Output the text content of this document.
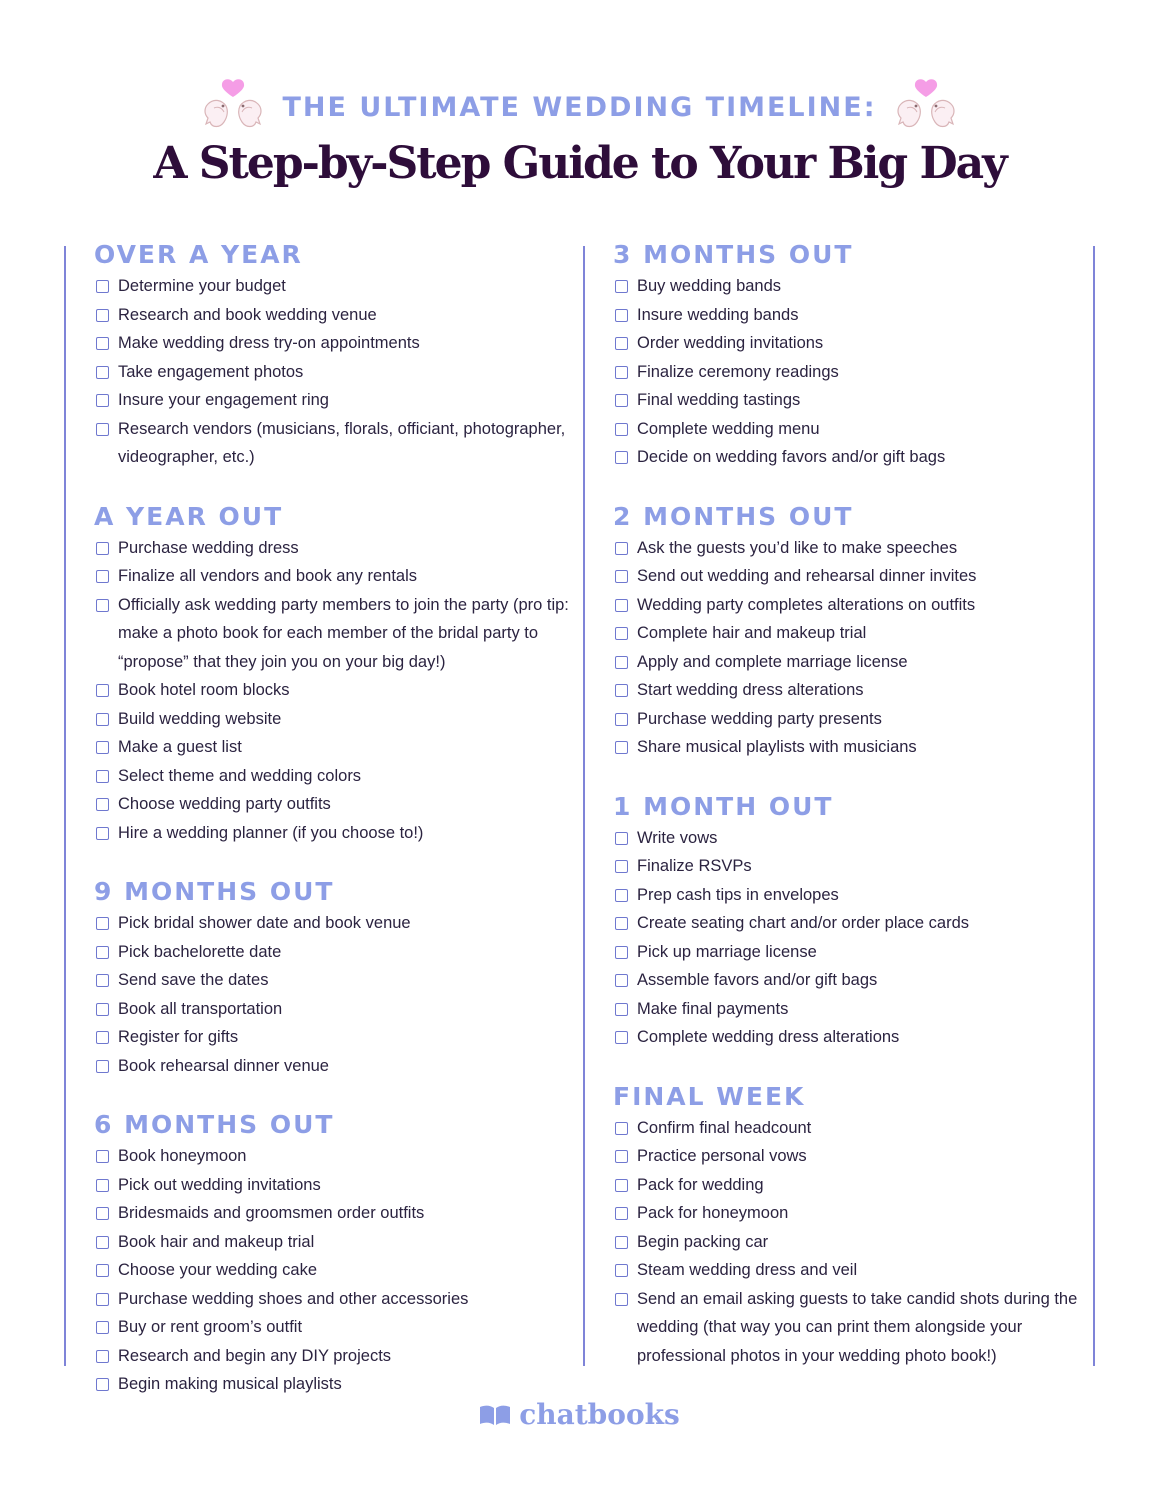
THE ULTIMATE WEDDING TIMELINE:
A Step-by-Step Guide to Your Big Day
OVER A YEAR
Determine your budget
Research and book wedding venue
Make wedding dress try-on appointments
Take engagement photos
Insure your engagement ring
Research vendors (musicians, florals, officiant, photographer, videographer, etc.)
A YEAR OUT
Purchase wedding dress
Finalize all vendors and book any rentals
Officially ask wedding party members to join the party (pro tip: make a photo book for each member of the bridal party to “propose” that they join you on your big day!)
Book hotel room blocks
Build wedding website
Make a guest list
Select theme and wedding colors
Choose wedding party outfits
Hire a wedding planner (if you choose to!)
9 MONTHS OUT
Pick bridal shower date and book venue
Pick bachelorette date
Send save the dates
Book all transportation
Register for gifts
Book rehearsal dinner venue
6 MONTHS OUT
Book honeymoon
Pick out wedding invitations
Bridesmaids and groomsmen order outfits
Book hair and makeup trial
Choose your wedding cake
Purchase wedding shoes and other accessories
Buy or rent groom’s outfit
Research and begin any DIY projects
Begin making musical playlists
3 MONTHS OUT
Buy wedding bands
Insure wedding bands
Order wedding invitations
Finalize ceremony readings
Final wedding tastings
Complete wedding menu
Decide on wedding favors and/or gift bags
2 MONTHS OUT
Ask the guests you’d like to make speeches
Send out wedding and rehearsal dinner invites
Wedding party completes alterations on outfits
Complete hair and makeup trial
Apply and complete marriage license
Start wedding dress alterations
Purchase wedding party presents
Share musical playlists with musicians
1 MONTH OUT
Write vows
Finalize RSVPs
Prep cash tips in envelopes
Create seating chart and/or order place cards
Pick up marriage license
Assemble favors and/or gift bags
Make final payments
Complete wedding dress alterations
FINAL WEEK
Confirm final headcount
Practice personal vows
Pack for wedding
Pack for honeymoon
Begin packing car
Steam wedding dress and veil
Send an email asking guests to take candid shots during the wedding (that way you can print them alongside your professional photos in your wedding photo book!)
chatbooks
